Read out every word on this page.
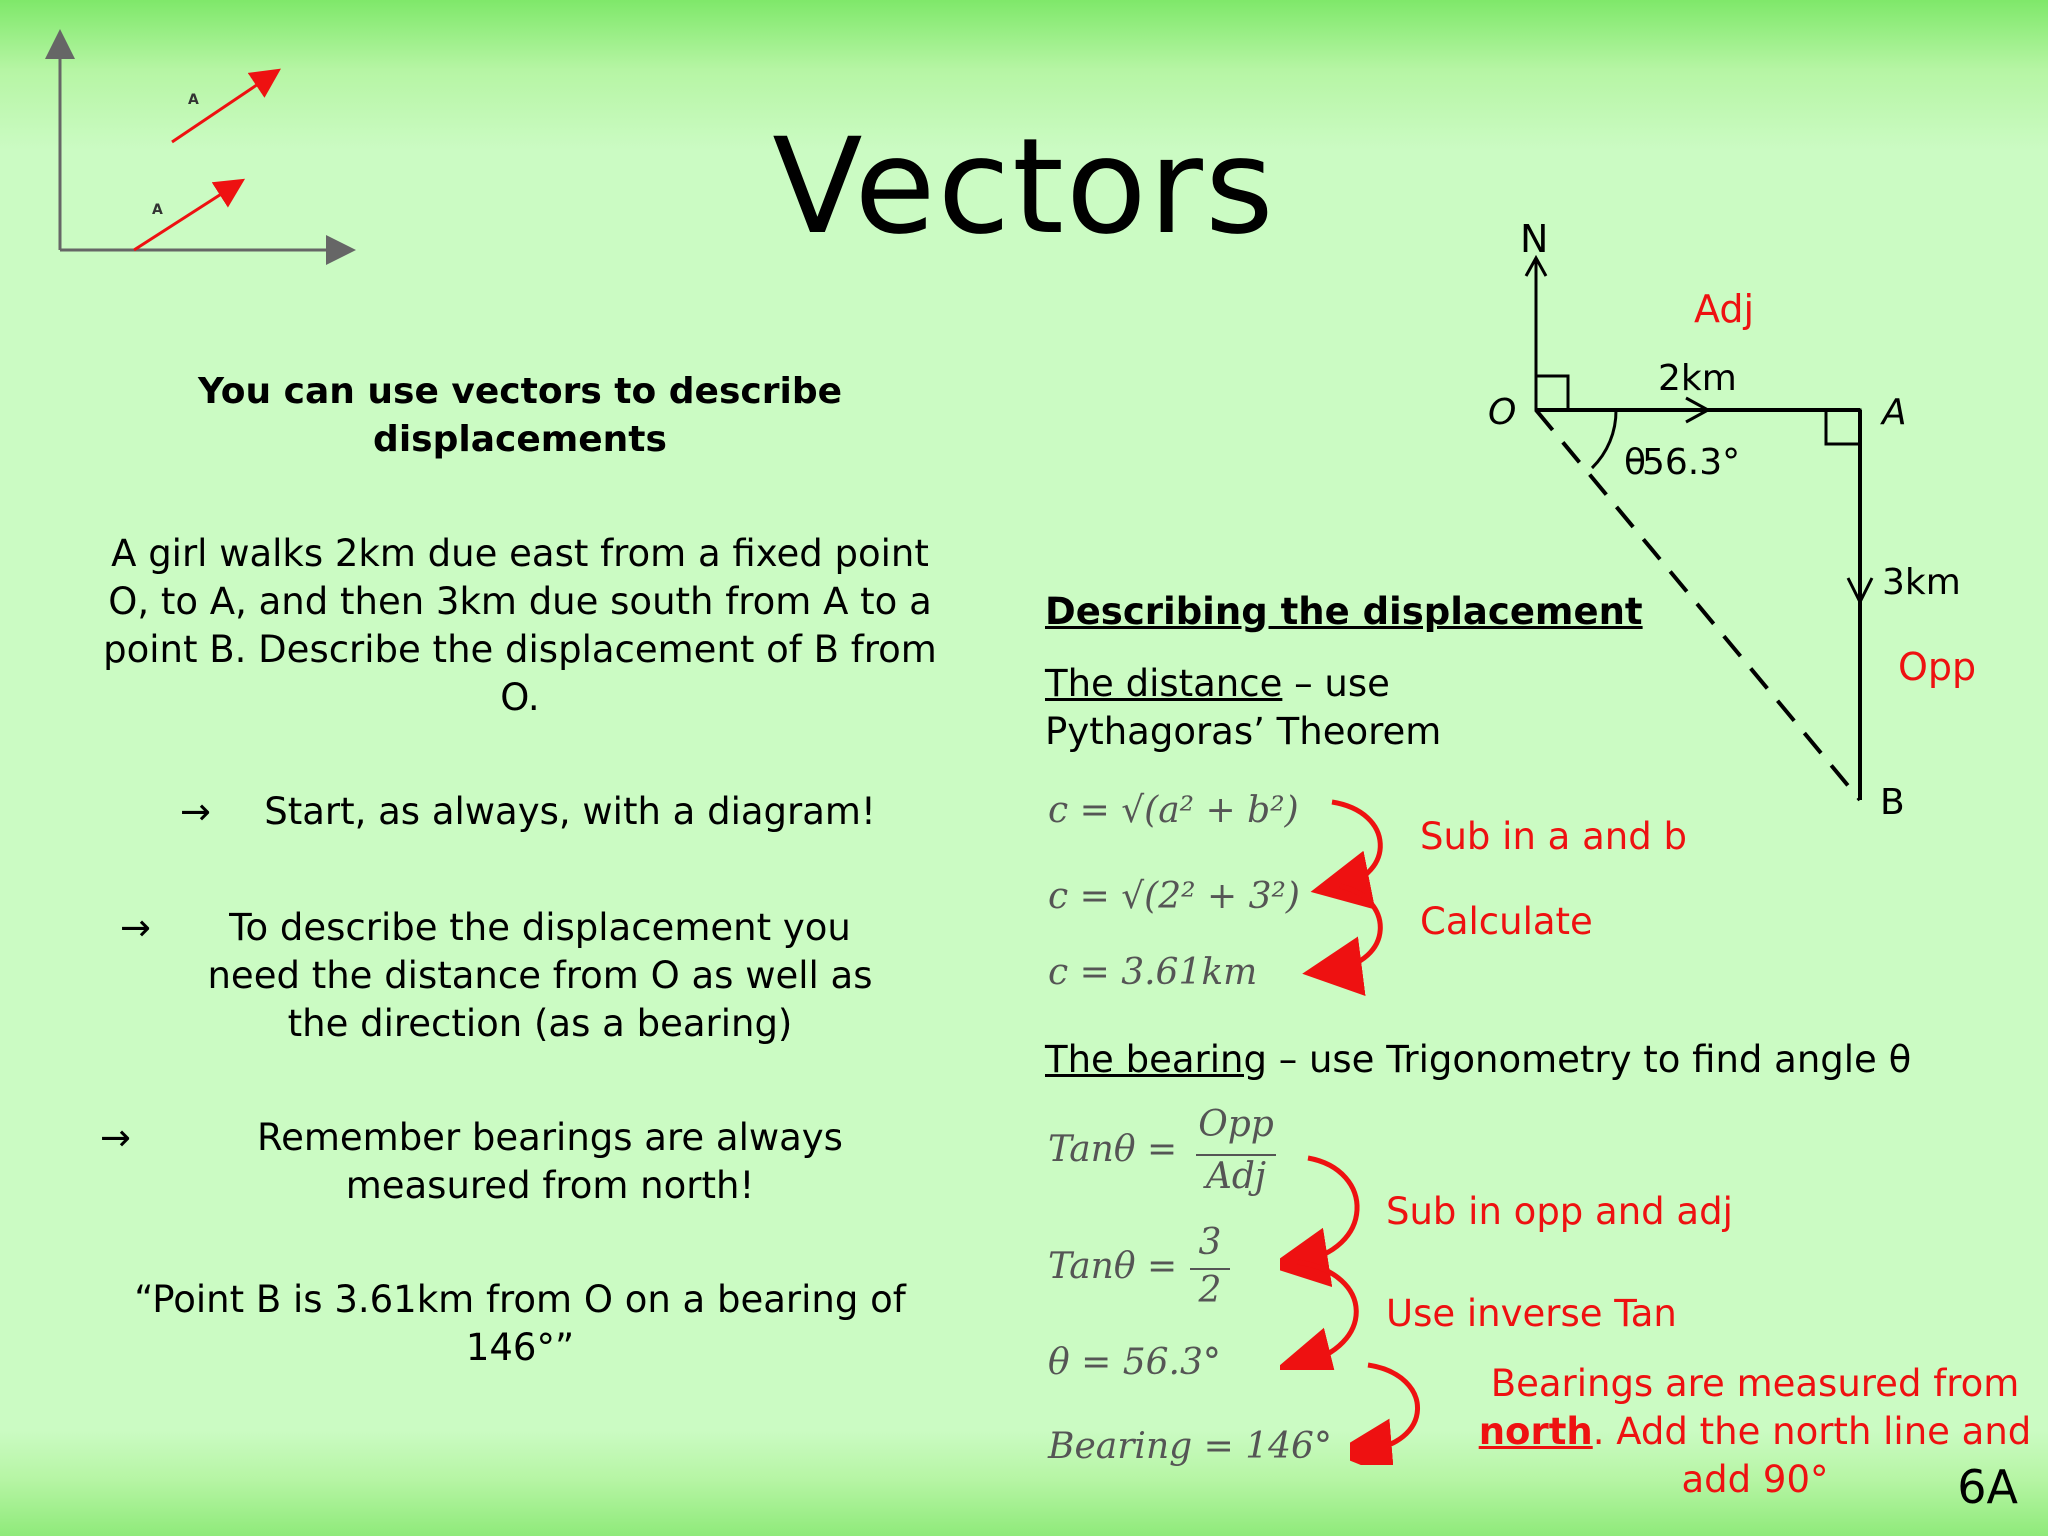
A
A	Vectors
You can use vectors to describe displacements
A girl walks 2km due east from a fixed point O, to A, and then 3km due south from A to a point B. Describe the displacement of B from O.
→ Start, as always, with a diagram!
→	To describe the displacement you need the distance from O as well as the direction (as a bearing)
→	Remember bearings are always measured from north!
“Point B is 3.61km from O on a bearing of 146°”
Describing the displacement
The distance – use Pythagoras’ Theorem
c = √(a² + b²)
c = √(2² + 3²)
c = 3.61km
Sub in a and b
Calculate
The bearing – use Trigonometry to find angle θ
Tanθ =
Opp
Adj
Tanθ =
3
2
θ = 56.3°
Bearing = 146°
Sub in opp and adj
Use inverse Tan
Bearings are measured from north. Add the north line and add 90°
N
Adj
2km
O	A
θ
56.3°
3km
Opp
B
6A
